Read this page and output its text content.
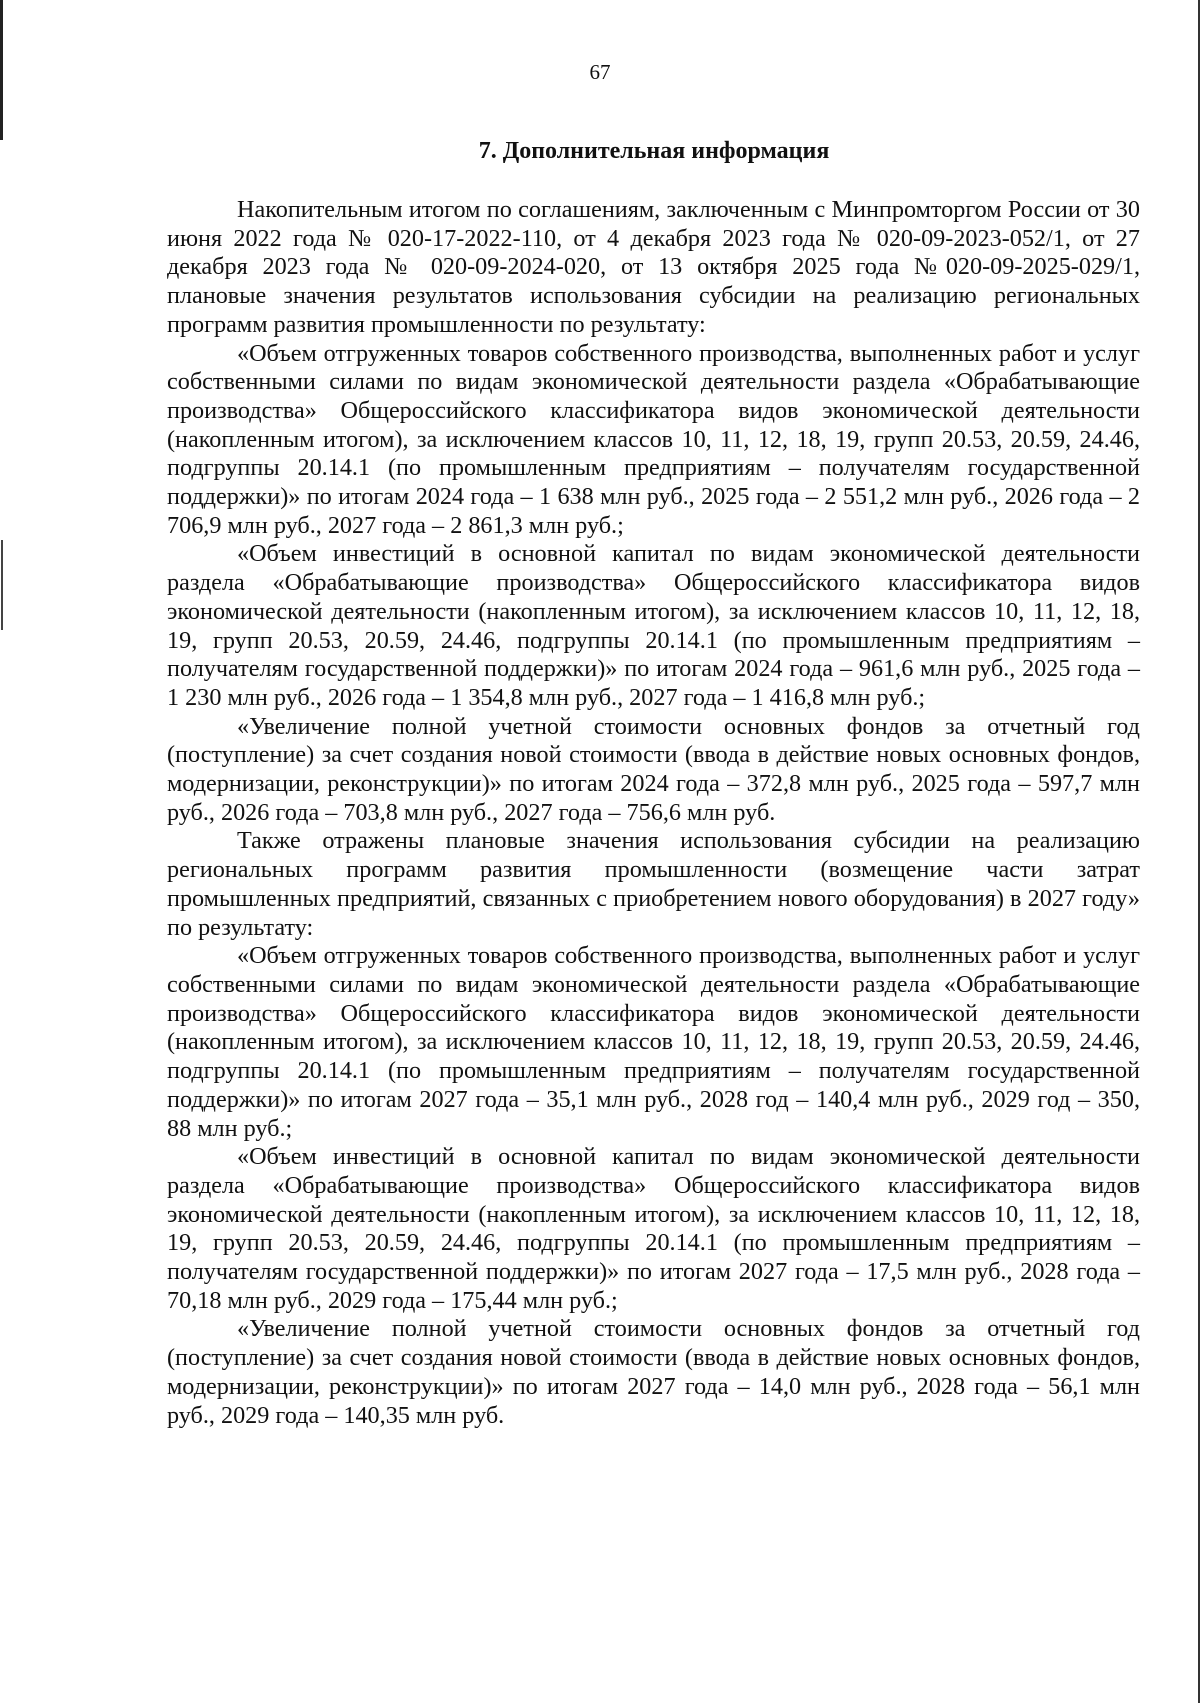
67
7. Дополнительная информация

Накопительным итогом по соглашениям, заключенным с Минпромторгом России от 30 июня 2022 года № 020-17-2022-110, от 4 декабря 2023 года № 020-09-2023-052/1, от 27 декабря 2023 года № 020-09-2024-020, от 13 октября 2025 года №020-09-2025-029/1, плановые значения результатов использования субсидии на реализацию региональных программ развития промышленности по результату:

«Объем отгруженных товаров собственного производства, выполненных работ и услуг собственными силами по видам экономической деятельности раздела «Обрабатывающие производства» Общероссийского классификатора видов экономической деятельности (накопленным итогом), за исключением классов 10, 11, 12, 18, 19, групп 20.53, 20.59, 24.46, подгруппы 20.14.1 (по промышленным предприятиям – получателям государственной поддержки)» по итогам 2024 года – 1 638 млн руб., 2025 года – 2 551,2 млн руб., 2026 года – 2 706,9 млн руб., 2027 года – 2 861,3 млн руб.;

«Объем инвестиций в основной капитал по видам экономической деятельности раздела «Обрабатывающие производства» Общероссийского классификатора видов экономической деятельности (накопленным итогом), за исключением классов 10, 11, 12, 18, 19, групп 20.53, 20.59, 24.46, подгруппы 20.14.1 (по промышленным предприятиям – получателям государственной поддержки)» по итогам 2024 года – 961,6 млн руб., 2025 года – 1 230 млн руб., 2026 года – 1 354,8 млн руб., 2027 года – 1 416,8 млн руб.;

«Увеличение полной учетной стоимости основных фондов за отчетный год (поступление) за счет создания новой стоимости (ввода в действие новых основных фондов, модернизации, реконструкции)» по итогам 2024 года – 372,8 млн руб., 2025 года – 597,7 млн руб., 2026 года – 703,8 млн руб., 2027 года – 756,6 млн руб.

Также отражены плановые значения использования субсидии на реализацию региональных программ развития промышленности (возмещение части затрат промышленных предприятий, связанных с приобретением нового оборудования) в 2027 году» по результату:

«Объем отгруженных товаров собственного производства, выполненных работ и услуг собственными силами по видам экономической деятельности раздела «Обрабатывающие производства» Общероссийского классификатора видов экономической деятельности (накопленным итогом), за исключением классов 10, 11, 12, 18, 19, групп 20.53, 20.59, 24.46, подгруппы 20.14.1 (по промышленным предприятиям – получателям государственной поддержки)» по итогам 2027 года – 35,1 млн руб., 2028 год – 140,4 млн руб., 2029 год – 350, 88 млн руб.;

«Объем инвестиций в основной капитал по видам экономической деятельности раздела «Обрабатывающие производства» Общероссийского классификатора видов экономической деятельности (накопленным итогом), за исключением классов 10, 11, 12, 18, 19, групп 20.53, 20.59, 24.46, подгруппы 20.14.1 (по промышленным предприятиям – получателям государственной поддержки)» по итогам 2027 года – 17,5 млн руб., 2028 года – 70,18 млн руб., 2029 года – 175,44 млн руб.;

«Увеличение полной учетной стоимости основных фондов за отчетный год (поступление) за счет создания новой стоимости (ввода в действие новых основных фондов, модернизации, реконструкции)» по итогам 2027 года – 14,0 млн руб., 2028 года – 56,1 млн руб., 2029 года – 140,35 млн руб.
